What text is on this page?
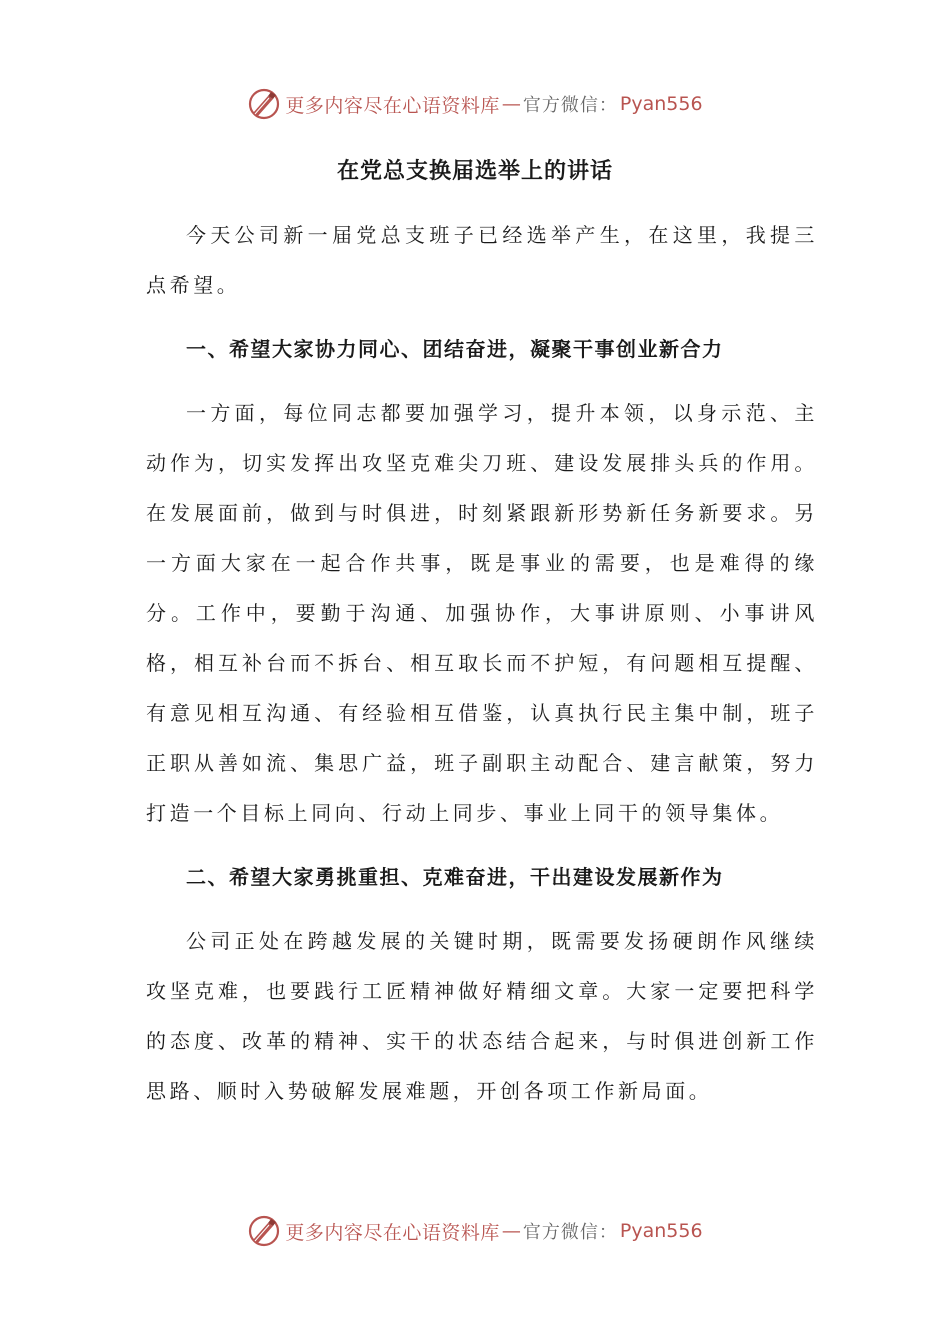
更多内容尽在心语资料库 — 官方微信： Pyan556
在党总支换届选举上的讲话

今天公司新一届党总支班子已经选举产生，在这里，我提三点希望。

一、希望大家协力同心、团结奋进，凝聚干事创业新合力

一方面，每位同志都要加强学习，提升本领，以身示范、主动作为，切实发挥出攻坚克难尖刀班、建设发展排头兵的作用。在发展面前，做到与时俱进，时刻紧跟新形势新任务新要求。另一方面大家在一起合作共事，既是事业的需要，也是难得的缘分。工作中，要勤于沟通、加强协作，大事讲原则、小事讲风格，相互补台而不拆台、相互取长而不护短，有问题相互提醒、有意见相互沟通、有经验相互借鉴，认真执行民主集中制，班子正职从善如流、集思广益，班子副职主动配合、建言献策，努力打造一个目标上同向、行动上同步、事业上同干的领导集体。

二、希望大家勇挑重担、克难奋进，干出建设发展新作为

公司正处在跨越发展的关键时期，既需要发扬硬朗作风继续攻坚克难，也要践行工匠精神做好精细文章。大家一定要把科学的态度、改革的精神、实干的状态结合起来，与时俱进创新工作思路、顺时入势破解发展难题，开创各项工作新局面。

更多内容尽在心语资料库 — 官方微信： Pyan556
